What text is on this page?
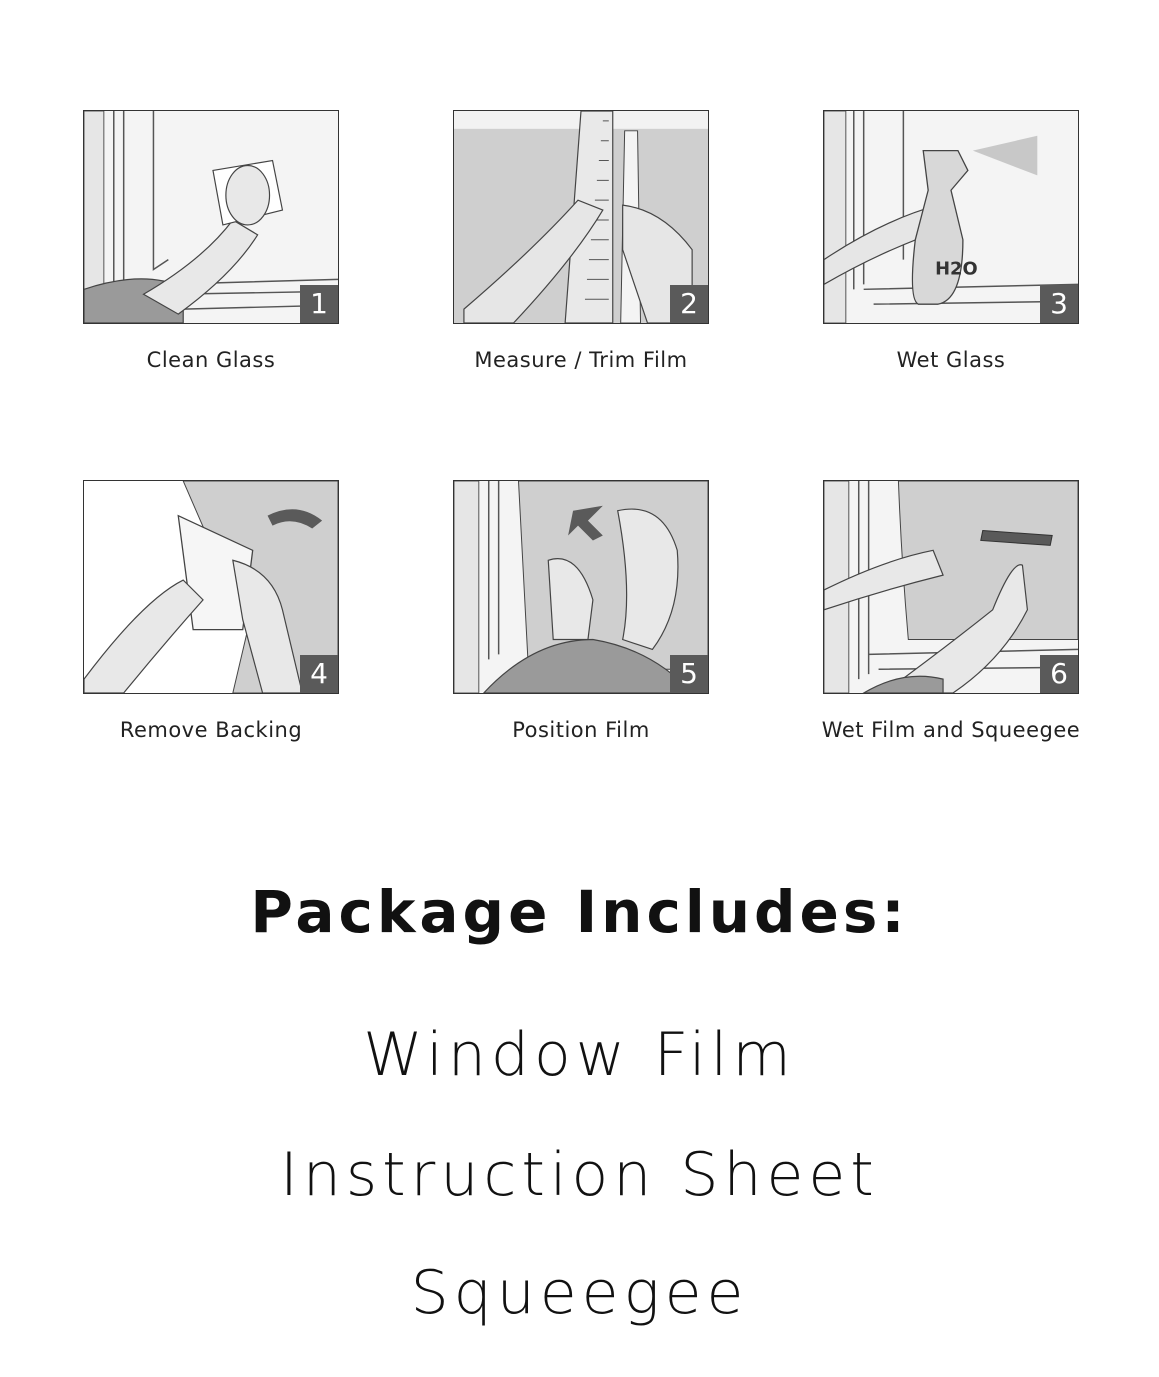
1
Clean Glass
2
Measure / Trim Film
H2O
3
Wet Glass
4
Remove Backing
5
Position Film
6
Wet Film and Squeegee
Package Includes:
Window Film
Instruction Sheet
Squeegee
